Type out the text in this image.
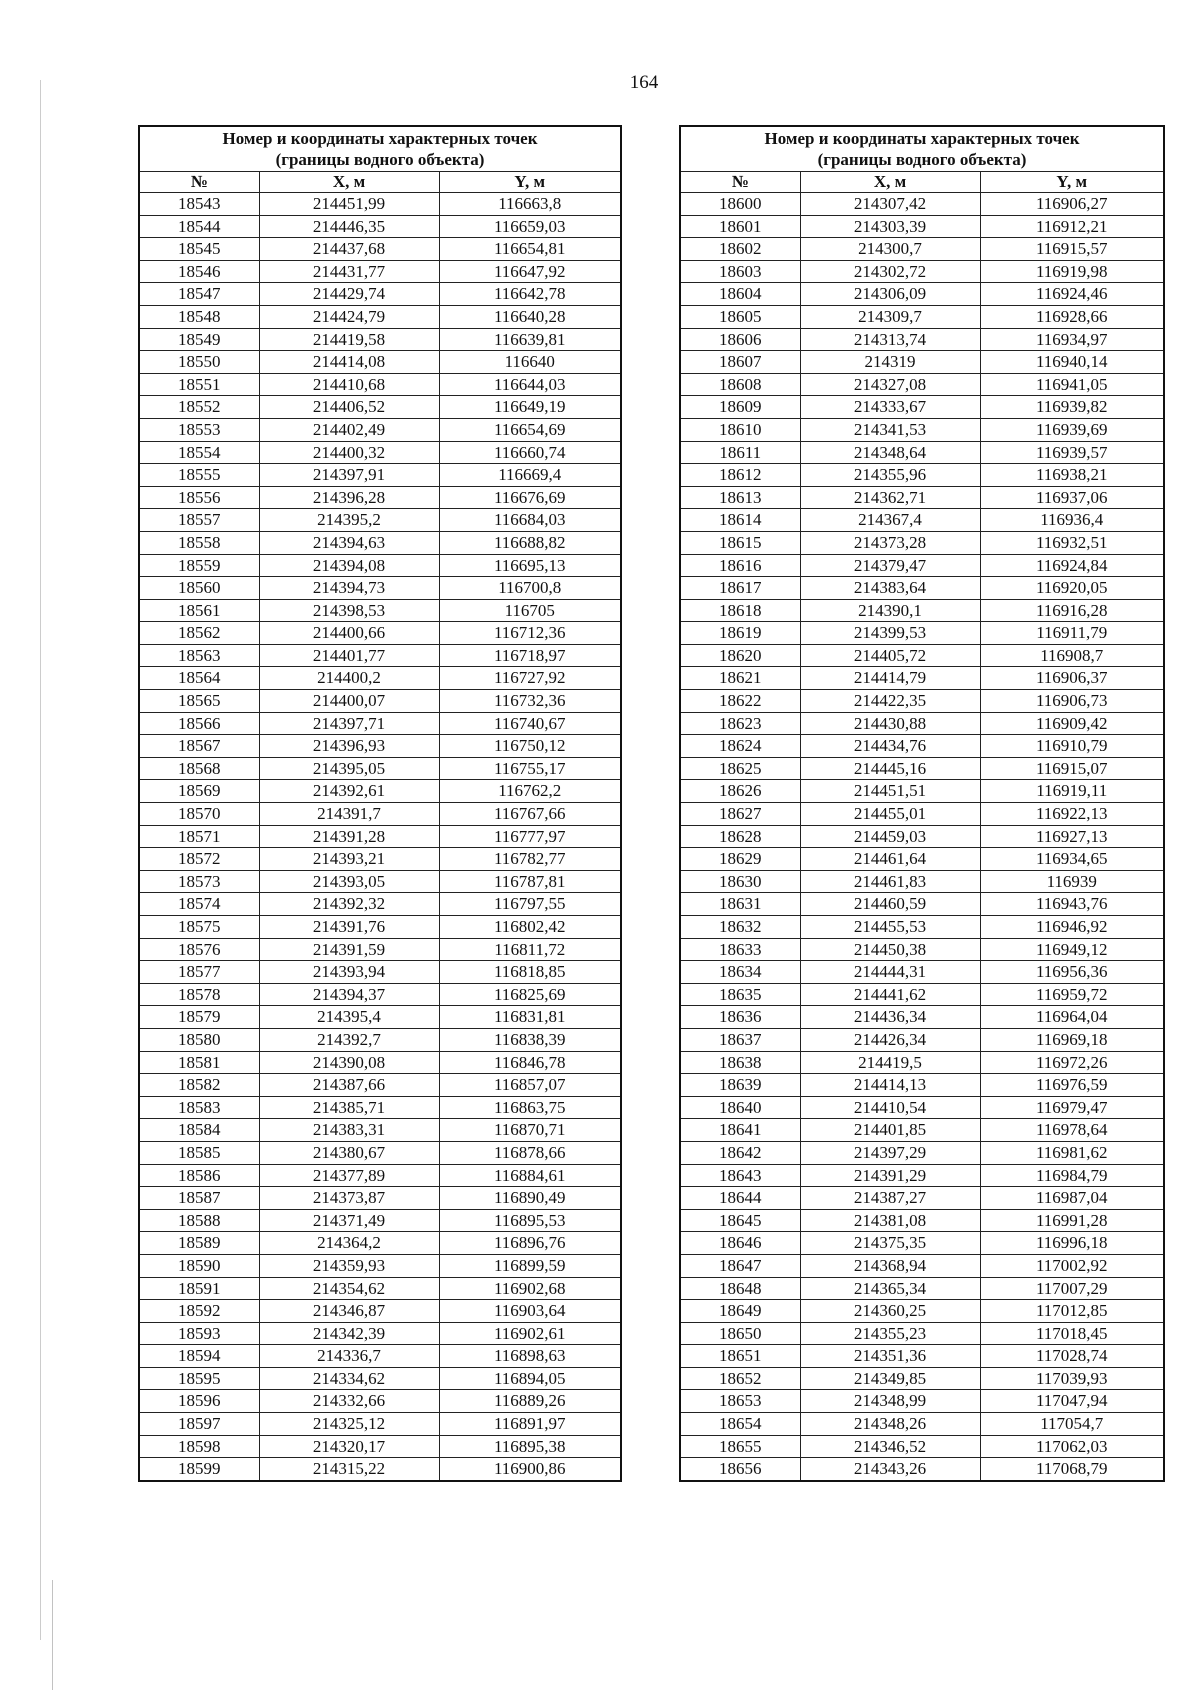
164
Номер и координаты характерных точек
(границы водного объекта)		

№	X, м	Y, м
18543	214451,99	116663,8
18544	214446,35	116659,03
18545	214437,68	116654,81
18546	214431,77	116647,92
18547	214429,74	116642,78
18548	214424,79	116640,28
18549	214419,58	116639,81
18550	214414,08	116640
18551	214410,68	116644,03
18552	214406,52	116649,19
18553	214402,49	116654,69
18554	214400,32	116660,74
18555	214397,91	116669,4
18556	214396,28	116676,69
18557	214395,2	116684,03
18558	214394,63	116688,82
18559	214394,08	116695,13
18560	214394,73	116700,8
18561	214398,53	116705
18562	214400,66	116712,36
18563	214401,77	116718,97
18564	214400,2	116727,92
18565	214400,07	116732,36
18566	214397,71	116740,67
18567	214396,93	116750,12
18568	214395,05	116755,17
18569	214392,61	116762,2
18570	214391,7	116767,66
18571	214391,28	116777,97
18572	214393,21	116782,77
18573	214393,05	116787,81
18574	214392,32	116797,55
18575	214391,76	116802,42
18576	214391,59	116811,72
18577	214393,94	116818,85
18578	214394,37	116825,69
18579	214395,4	116831,81
18580	214392,7	116838,39
18581	214390,08	116846,78
18582	214387,66	116857,07
18583	214385,71	116863,75
18584	214383,31	116870,71
18585	214380,67	116878,66
18586	214377,89	116884,61
18587	214373,87	116890,49
18588	214371,49	116895,53
18589	214364,2	116896,76
18590	214359,93	116899,59
18591	214354,62	116902,68
18592	214346,87	116903,64
18593	214342,39	116902,61
18594	214336,7	116898,63
18595	214334,62	116894,05
18596	214332,66	116889,26
18597	214325,12	116891,97
18598	214320,17	116895,38
18599	214315,22	116900,86
Номер и координаты характерных точек
(границы водного объекта)		

№	X, м	Y, м
18600	214307,42	116906,27
18601	214303,39	116912,21
18602	214300,7	116915,57
18603	214302,72	116919,98
18604	214306,09	116924,46
18605	214309,7	116928,66
18606	214313,74	116934,97
18607	214319	116940,14
18608	214327,08	116941,05
18609	214333,67	116939,82
18610	214341,53	116939,69
18611	214348,64	116939,57
18612	214355,96	116938,21
18613	214362,71	116937,06
18614	214367,4	116936,4
18615	214373,28	116932,51
18616	214379,47	116924,84
18617	214383,64	116920,05
18618	214390,1	116916,28
18619	214399,53	116911,79
18620	214405,72	116908,7
18621	214414,79	116906,37
18622	214422,35	116906,73
18623	214430,88	116909,42
18624	214434,76	116910,79
18625	214445,16	116915,07
18626	214451,51	116919,11
18627	214455,01	116922,13
18628	214459,03	116927,13
18629	214461,64	116934,65
18630	214461,83	116939
18631	214460,59	116943,76
18632	214455,53	116946,92
18633	214450,38	116949,12
18634	214444,31	116956,36
18635	214441,62	116959,72
18636	214436,34	116964,04
18637	214426,34	116969,18
18638	214419,5	116972,26
18639	214414,13	116976,59
18640	214410,54	116979,47
18641	214401,85	116978,64
18642	214397,29	116981,62
18643	214391,29	116984,79
18644	214387,27	116987,04
18645	214381,08	116991,28
18646	214375,35	116996,18
18647	214368,94	117002,92
18648	214365,34	117007,29
18649	214360,25	117012,85
18650	214355,23	117018,45
18651	214351,36	117028,74
18652	214349,85	117039,93
18653	214348,99	117047,94
18654	214348,26	117054,7
18655	214346,52	117062,03
18656	214343,26	117068,79
